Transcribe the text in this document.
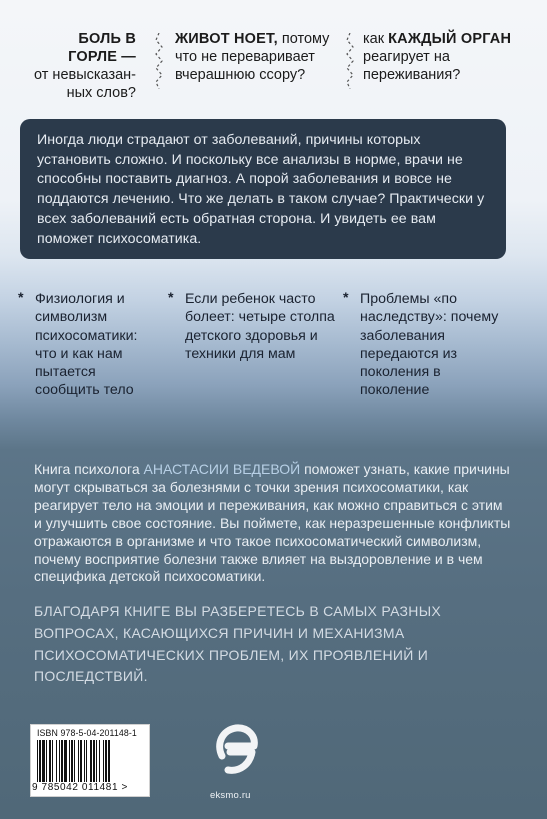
БОЛЬ В ГОРЛЕ —
от невысказан-ных слов?
ЖИВОТ НОЕТ, потому что не переваривает вчерашнюю ссору?
как КАЖДЫЙ ОРГАН реагирует на переживания?

Иногда люди страдают от заболеваний, причины которых установить сложно. И поскольку все анализы в норме, врачи не способны поставить диагноз. А порой заболевания и вовсе не поддаются лечению. Что же делать в таком случае? Практически у всех заболеваний есть обратная сторона. И увидеть ее вам поможет психосоматика.

* Физиология и символизм психосоматики: что и как нам пытается сообщить тело
* Если ребенок часто болеет: четыре столпа детского здоровья и техники для мам
* Проблемы «по наследству»: почему заболевания передаются из поколения в поколение
Книга психолога АНАСТАСИИ ВЕДЕВОЙ поможет узнать, какие причины могут скрываться за болезнями с точки зрения психосоматики, как реагирует тело на эмоции и переживания, как можно справиться с этим и улучшить свое состояние. Вы поймете, как неразрешенные конфликты отражаются в организме и что такое психосоматический символизм, почему восприятие болезни также влияет на выздоровление и в чем специфика детской психосоматики.
БЛАГОДАРЯ КНИГЕ ВЫ РАЗБЕРЕТЕСЬ В САМЫХ РАЗНЫХ ВОПРОСАХ, КАСАЮЩИХСЯ ПРИЧИН И МЕХАНИЗМА ПСИХОСОМАТИЧЕСКИХ ПРОБЛЕМ, ИХ ПРОЯВЛЕНИЙ И ПОСЛЕДСТВИЙ.
ISBN 978-5-04-201148-1
9 785042 011481 >
eksmo.ru
